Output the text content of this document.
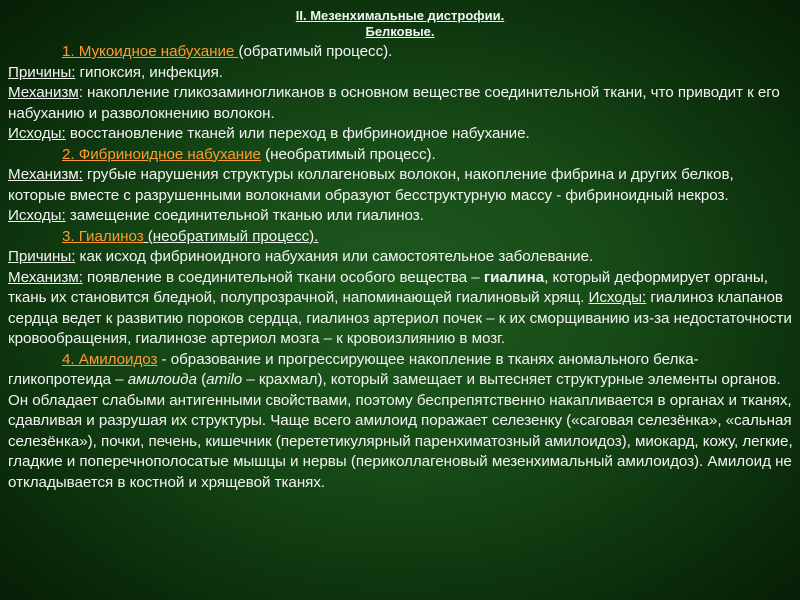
II. Мезенхимальные дистрофии.
Белковые.

1. Мукоидное набухание (обратимый процесс).

Причины: гипоксия, инфекция.

Механизм: накопление гликозаминогликанов в основном веществе соединительной ткани, что приводит к его набуханию и разволокнению волокон.

Исходы: восстановление тканей или переход в фибриноидное набухание.

2. Фибриноидное набухание (необратимый процесс).

Механизм: грубые нарушения структуры коллагеновых волокон, накопление фибрина и других белков, которые вместе с разрушенными волокнами образуют бесструктурную массу - фибриноидный некроз.

Исходы: замещение соединительной тканью или гиалиноз.

3. Гиалиноз (необратимый процесс).

Причины: как исход фибриноидного набухания или самостоятельное заболевание.

Механизм: появление в соединительной ткани особого вещества – гиалина, который деформирует органы, ткань их становится бледной, полупрозрачной, напоминающей гиалиновый хрящ. Исходы: гиалиноз клапанов сердца ведет к развитию пороков сердца, гиалиноз артериол почек – к их сморщиванию из-за недостаточности кровообращения, гиалинозе артериол мозга – к кровоизлиянию в мозг.

4. Амилоидоз - образование и прогрессирующее накопление в тканях аномального белка-гликопротеида – амилоида (amilo – крахмал), который замещает и вытесняет структурные элементы органов. Он обладает слабыми антигенными свойствами, поэтому беспрепятственно накапливается в органах и тканях, сдавливая и разрушая их структуры. Чаще всего амилоид поражает селезенку («саговая селезёнка», «сальная селезёнка»), почки, печень, кишечник (перететикулярный паренхиматозный амилоидоз), миокард, кожу, легкие, гладкие и поперечнополосатые мышцы и нервы (периколлагеновый мезенхимальный амилоидоз). Амилоид не откладывается в костной и хрящевой тканях.
